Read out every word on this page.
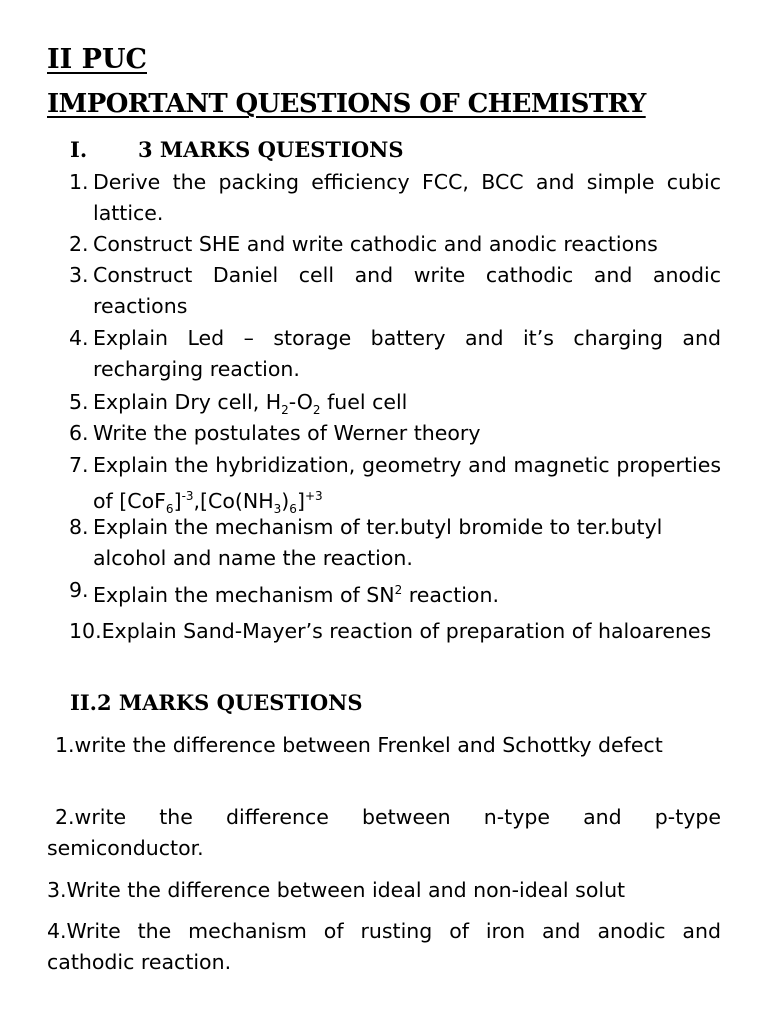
II PUC
IMPORTANT QUESTIONS OF CHEMISTRY
I. 3 MARKS QUESTIONS
1. Derive the packing efficiency FCC, BCC and simple cubic lattice.
2. Construct SHE and write cathodic and anodic reactions
3. Construct Daniel cell and write cathodic and anodic reactions
4. Explain Led – storage battery and it’s charging and recharging reaction.
5. Explain Dry cell, $H_2-O_2$ fuel cell
6. Write the postulates of Werner theory
7. Explain the hybridization, geometry and magnetic properties of $[CoF_6]^{-3},[Co(NH_3)_6]^{+3}$
8. Explain the mechanism of ter.butyl bromide to ter.butyl alcohol and name the reaction.
9. Explain the mechanism of $SN^2$ reaction.
10.Explain Sand-Mayer’s reaction of preparation of haloarenes
II.2 MARKS QUESTIONS
1.write the difference between Frenkel and Schottky defect
2.write the difference between n-type and p-type semiconductor.
3.Write the difference between ideal and non-ideal solut
4.Write the mechanism of rusting of iron and anodic and cathodic reaction.
